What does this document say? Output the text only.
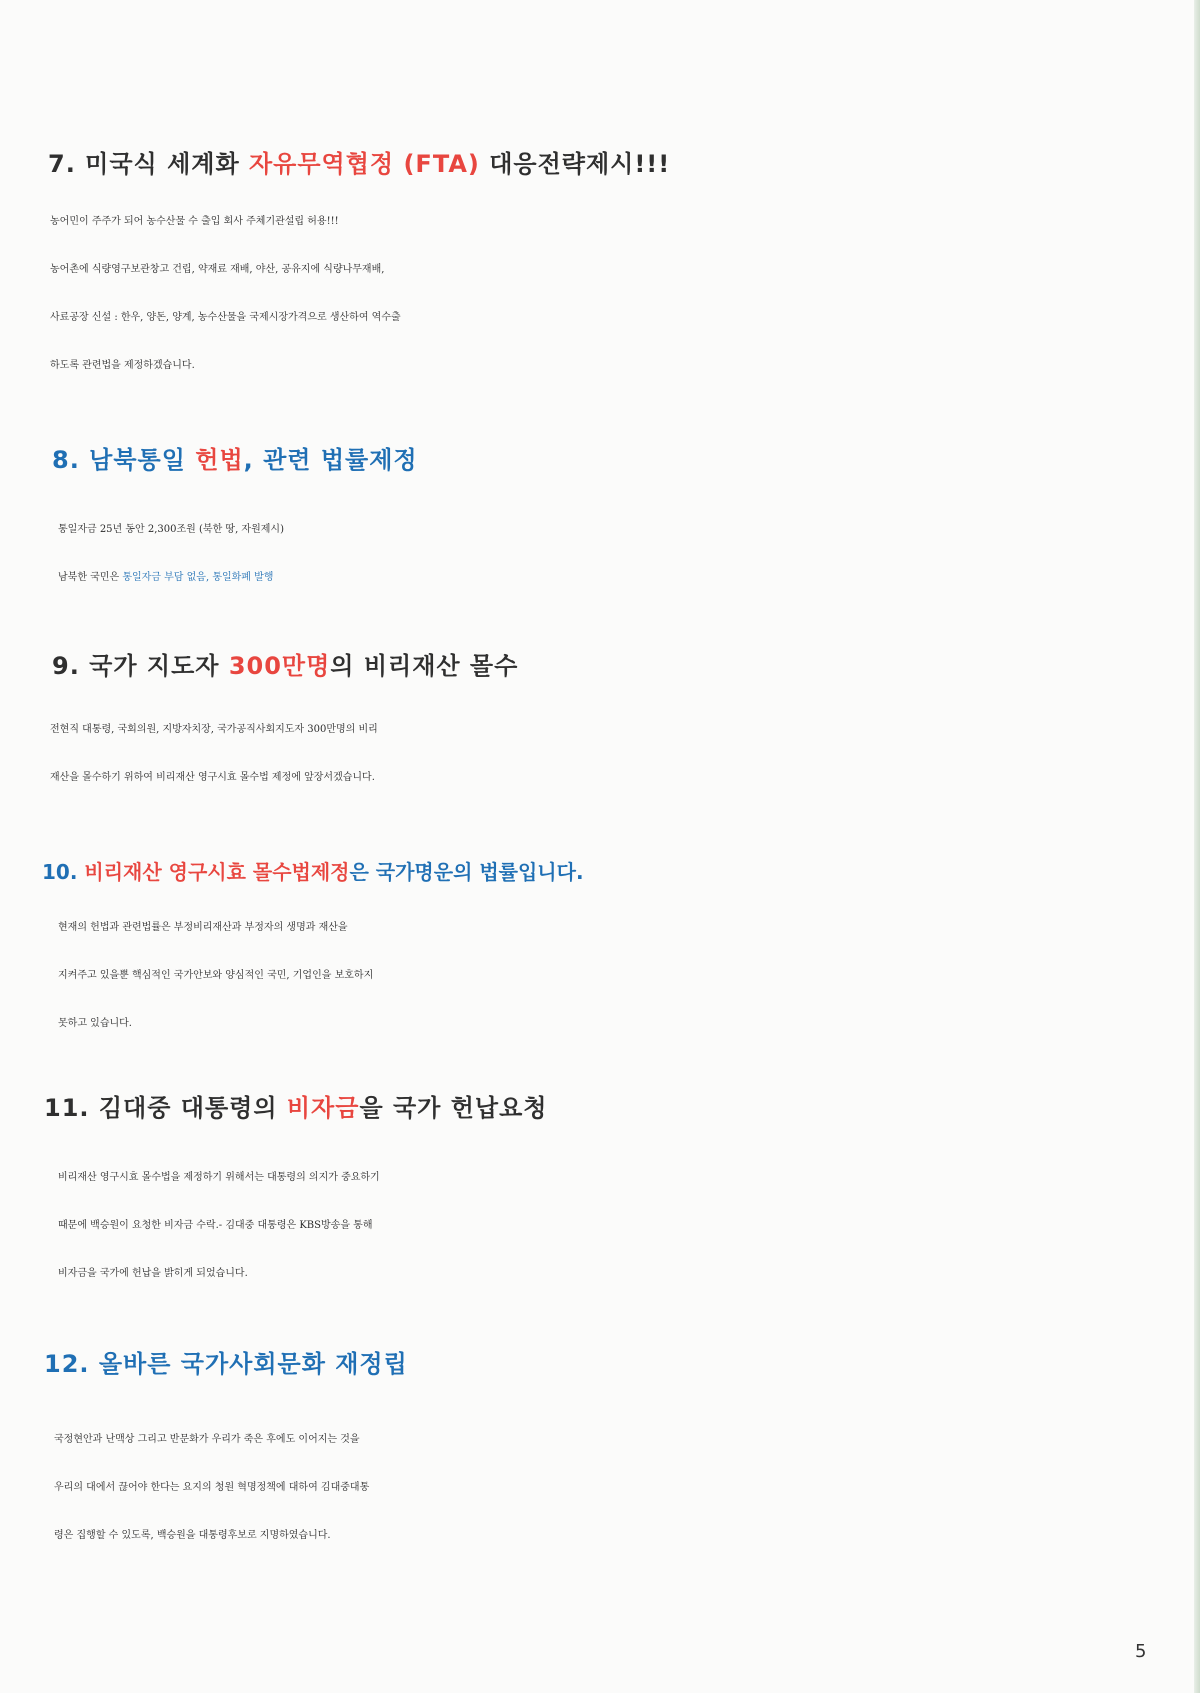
7. 미국식 세계화 자유무역협정 (FTA) 대응전략제시!!!
농어민이 주주가 되어 농수산물 수 출입 회사 주체기관설립 허용!!!
농어촌에 식량영구보관창고 건립, 약재료 재배, 야산, 공유지에 식량나무재배,
사료공장 신설 : 한우, 양돈, 양계, 농수산물을 국제시장가격으로 생산하여 역수출
하도록 관련법을 제정하겠습니다.
8. 남북통일 헌법, 관련 법률제정
통일자금 25년 동안 2,300조원 (북한 땅, 자원제시)
남북한 국민은 통일자금 부담 없음, 통일화폐 발행
9. 국가 지도자 300만명의 비리재산 몰수
전현직 대통령, 국회의원, 지방자치장, 국가공직사회지도자 300만명의 비리
재산을 몰수하기 위하여 비리재산 영구시효 몰수법 제정에 앞장서겠습니다.
10. 비리재산 영구시효 몰수법제정은 국가명운의 법률입니다.
현재의 헌법과 관련법률은 부정비리재산과 부정자의 생명과 재산을
지켜주고 있을뿐 핵심적인 국가안보와 양심적인 국민, 기업인을 보호하지
못하고 있습니다.
11. 김대중 대통령의 비자금을 국가 헌납요청
비리재산 영구시효 몰수법을 제정하기 위해서는 대통령의 의지가 중요하기
때문에 백승원이 요청한 비자금 수락.- 김대중 대통령은 KBS방송을 통해
비자금을 국가에 헌납을 밝히게 되었습니다.
12. 올바른 국가사회문화 재정립
국정현안과 난맥상 그리고 반문화가 우리가 죽은 후에도 이어지는 것을
우리의 대에서 끊어야 한다는 요지의 청원 혁명정책에 대하여 김대중대통
령은 집행할 수 있도록, 백승원을 대통령후보로 지명하였습니다.
5
